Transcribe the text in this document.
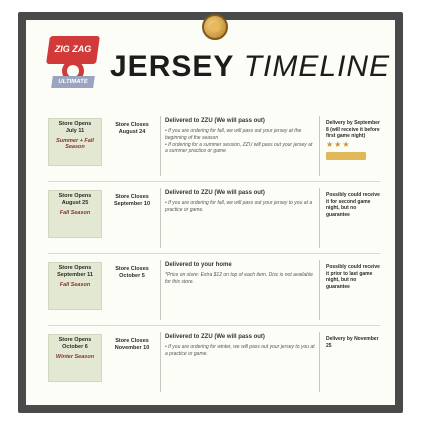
ZIG ZAG
ULTIMATE JERSEY TIMELINE
Store Opens
July 11
Summer + Fall Season
Store Closes
August 24
Delivered to ZZU (We will pass out)
• If you are ordering for fall, we will pass out your jersey at the beginning of the season
• If ordering for a summer session, ZZU will pass out your jersey at a summer practice or game
Delivery by September 8 (will receive it before first game night)
★★★
Store Opens
August 25
Fall Season
Store Closes
September 10
Delivered to ZZU (We will pass out)
• If you are ordering for fall, we will pass out your jersey to you at a practice or game.
Possibly could receive it for second game night, but no guarantee
Store Opens
September 11
Fall Season
Store Closes
October 5
Delivered to your home
*Price on store: Extra $12 on top of each item. Disc is not available for this store.
Possibly could receive it prior to last game night, but no guarantee
Store Opens
October 6
Winter Season
Store Closes
November 10
Delivered to ZZU (We will pass out)
• If you are ordering for winter, we will pass out your jersey to you at a practice or game.
Delivery by November 25
